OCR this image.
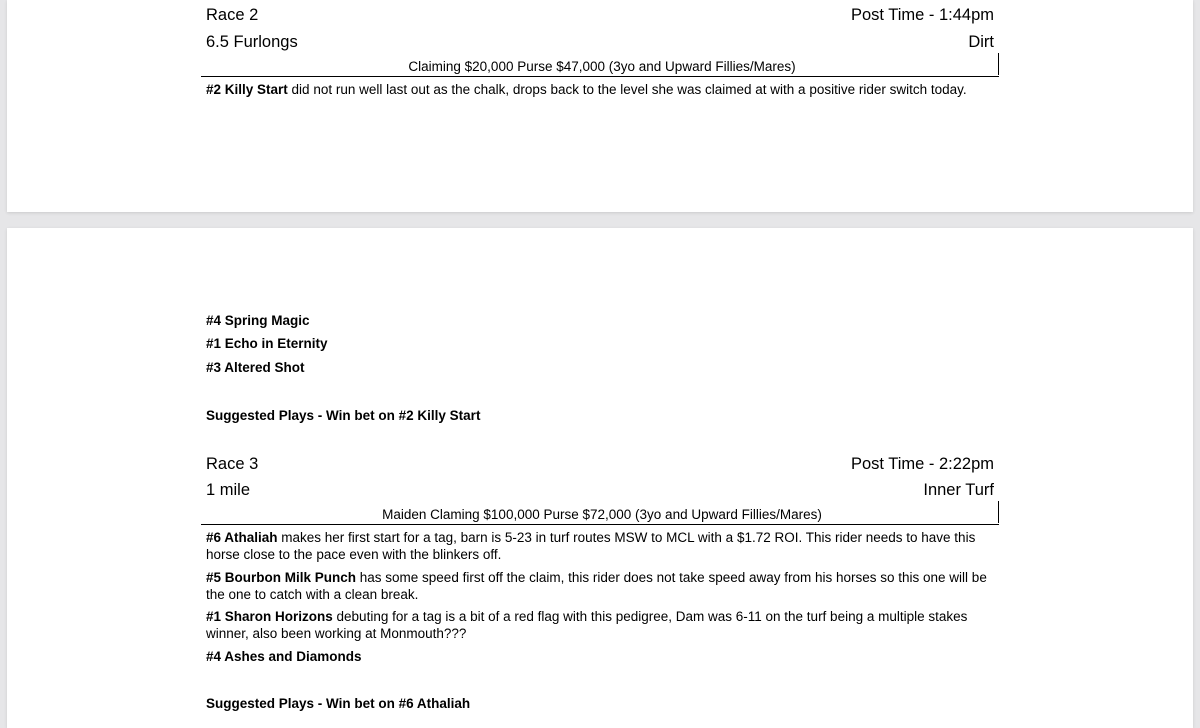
Race 2	Post Time - 1:44pm
6.5 Furlongs	Dirt
Claiming $20,000 Purse $47,000 (3yo and Upward Fillies/Mares)
#2 Killy Start did not run well last out as the chalk, drops back to the level she was claimed at with a positive rider switch today.
#4 Spring Magic
#1 Echo in Eternity
#3 Altered Shot
Suggested Plays - Win bet on #2 Killy Start
Race 3	Post Time - 2:22pm
1 mile	Inner Turf
Maiden Claming $100,000 Purse $72,000 (3yo and Upward Fillies/Mares)
#6 Athaliah makes her first start for a tag, barn is 5-23 in turf routes MSW to MCL with a $1.72 ROI. This rider needs to have this horse close to the pace even with the blinkers off.
#5 Bourbon Milk Punch has some speed first off the claim, this rider does not take speed away from his horses so this one will be the one to catch with a clean break.
#1 Sharon Horizons debuting for a tag is a bit of a red flag with this pedigree, Dam was 6-11 on the turf being a multiple stakes winner, also been working at Monmouth???
#4 Ashes and Diamonds
Suggested Plays - Win bet on #6 Athaliah
